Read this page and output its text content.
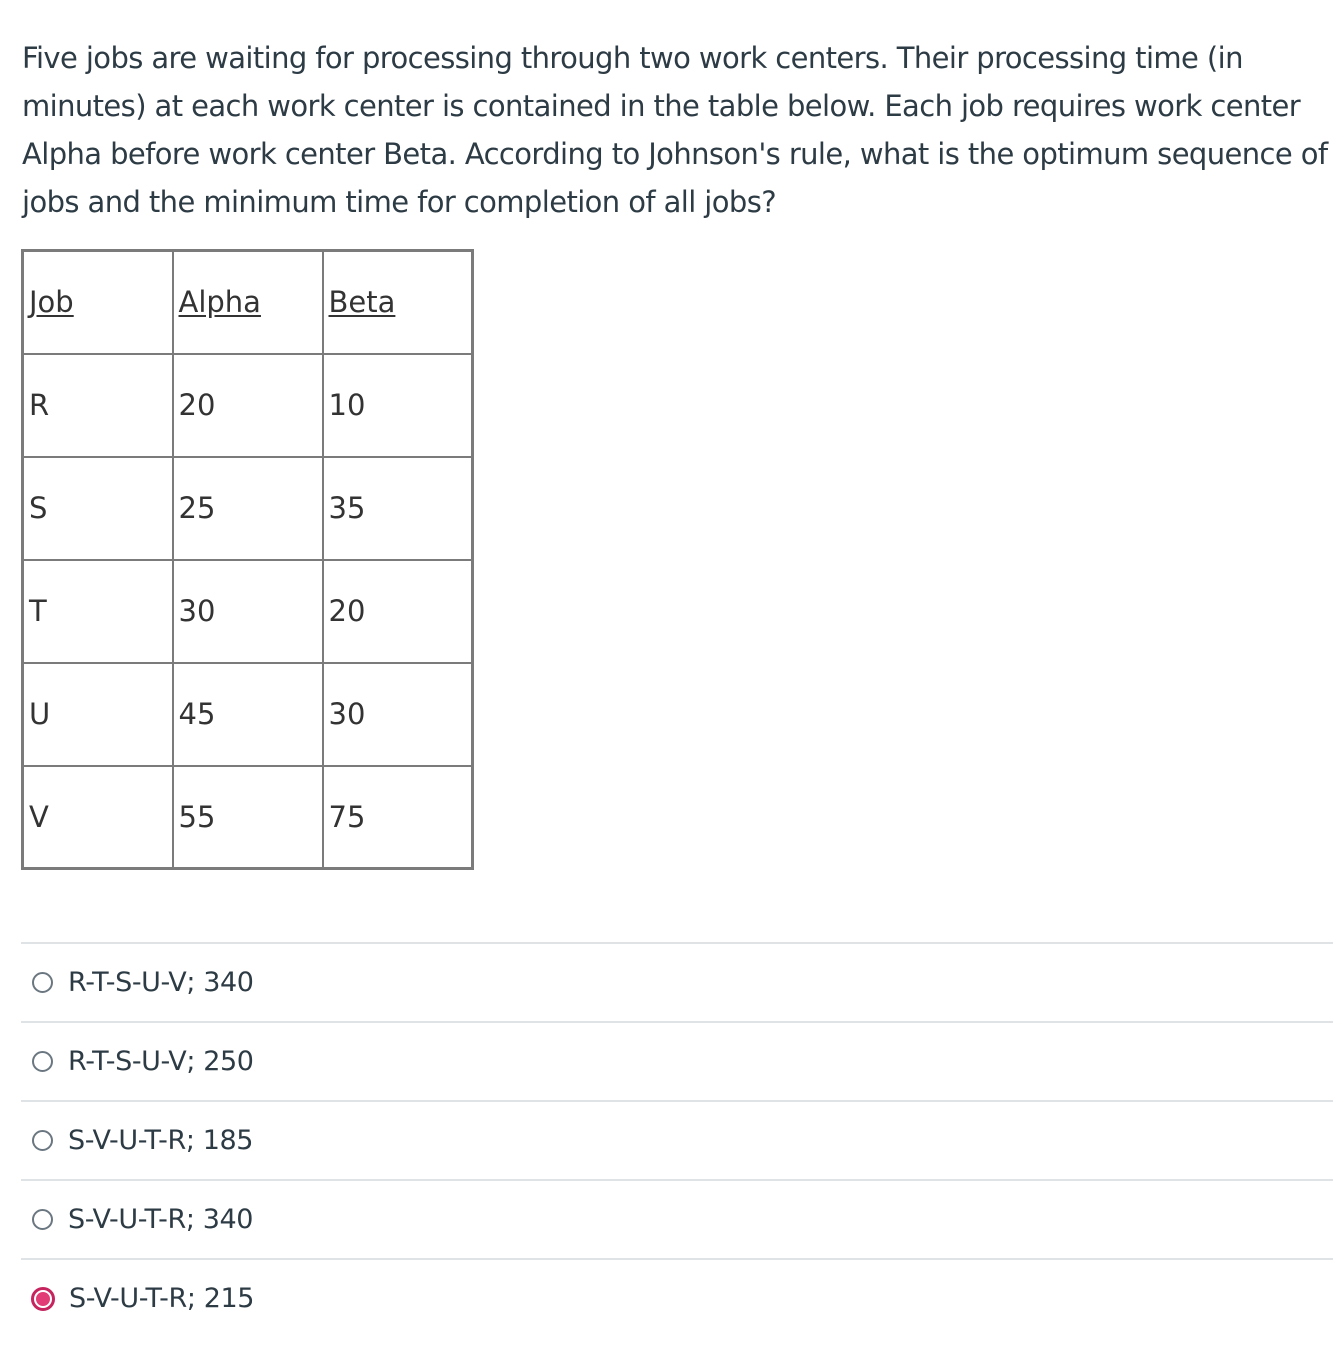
Five jobs are waiting for processing through two work centers. Their processing time (in minutes) at each work center is contained in the table below. Each job requires work center Alpha before work center Beta. According to Johnson's rule, what is the optimum sequence of jobs and the minimum time for completion of all jobs?

Job	Alpha	Beta
R	20	10
S	25	35
T	30	20
U	45	30
V	55	75
R-T-S-U-V; 340
R-T-S-U-V; 250
S-V-U-T-R; 185
S-V-U-T-R; 340
S-V-U-T-R; 215
